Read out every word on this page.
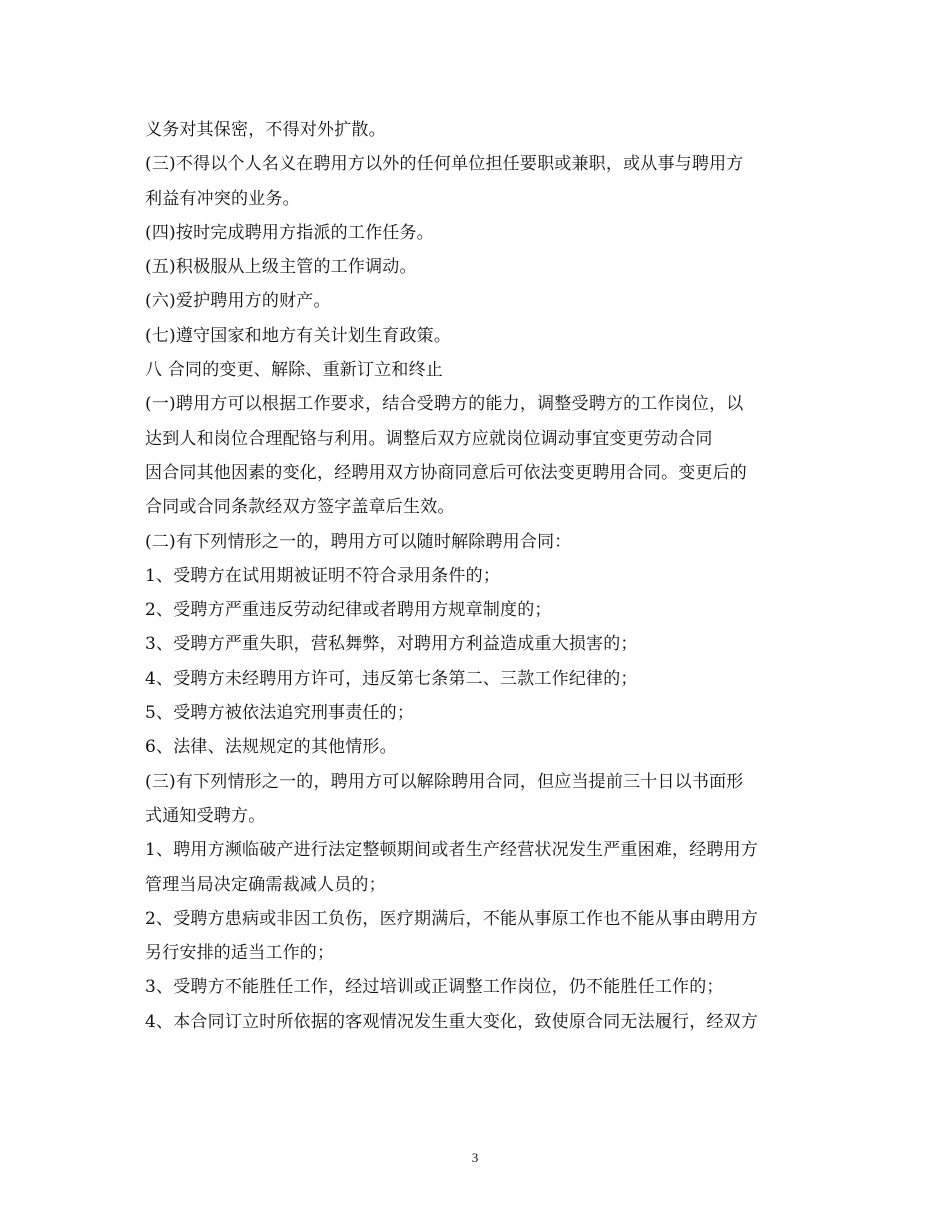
义务对其保密，不得对外扩散。
(三)不得以个人名义在聘用方以外的任何单位担任要职或兼职，或从事与聘用方
利益有冲突的业务。
(四)按时完成聘用方指派的工作任务。
(五)积极服从上级主管的工作调动。
(六)爱护聘用方的财产。
(七)遵守国家和地方有关计划生育政策。
八 合同的变更、解除、重新订立和终止
(一)聘用方可以根据工作要求，结合受聘方的能力，调整受聘方的工作岗位，以
达到人和岗位合理配铬与利用。调整后双方应就岗位调动事宜变更劳动合同
因合同其他因素的变化，经聘用双方协商同意后可依法变更聘用合同。变更后的
合同或合同条款经双方签字盖章后生效。
(二)有下列情形之一的，聘用方可以随时解除聘用合同：
1、受聘方在试用期被证明不符合录用条件的；
2、受聘方严重违反劳动纪律或者聘用方规章制度的；
3、受聘方严重失职，营私舞弊，对聘用方利益造成重大损害的；
4、受聘方未经聘用方许可，违反第七条第二、三款工作纪律的；
5、受聘方被依法追究刑事责任的；
6、法律、法规规定的其他情形。
(三)有下列情形之一的，聘用方可以解除聘用合同，但应当提前三十日以书面形
式通知受聘方。
1、聘用方濒临破产进行法定整顿期间或者生产经营状况发生严重困难，经聘用方
管理当局决定确需裁减人员的；
2、受聘方患病或非因工负伤，医疗期满后，不能从事原工作也不能从事由聘用方
另行安排的适当工作的；
3、受聘方不能胜任工作，经过培训或正调整工作岗位，仍不能胜任工作的；
4、本合同订立时所依据的客观情况发生重大变化，致使原合同无法履行，经双方
3
